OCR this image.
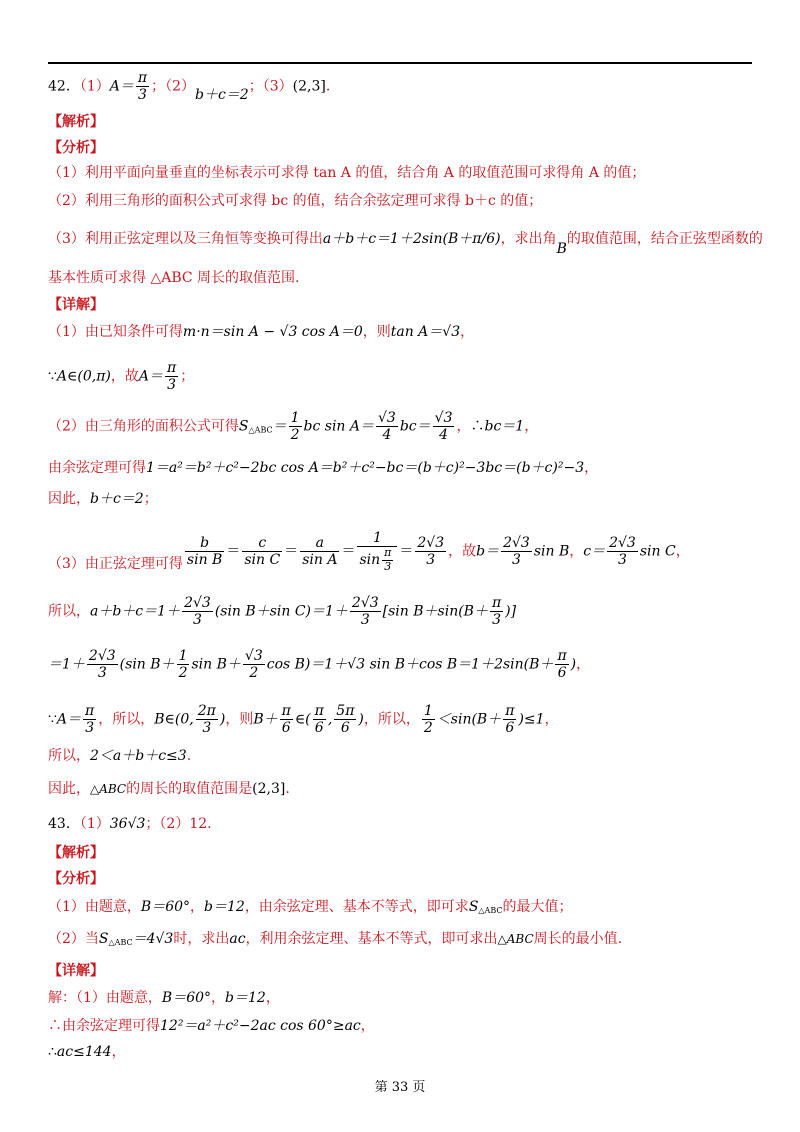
42．$(1)A= \frac{\pi}{3}$ ；（2）b＋c＝2；（3）(2,3].
【解析】
【分析】
（1）利用平面向量垂直的坐标表示可求得 tan A 的值，结合角 A 的取值范围可求得角 A 的值；
（2）利用三角形的面积公式可求得 bc 的值，结合余弦定理可求得 b＋c 的值；
（3）利用正弦定理以及三角恒等变换可得出a＋b＋c＝1＋2sin(B＋π/6)，求出角B的取值范围，结合正弦型函数的
基本性质可求得 △ABC 周长的取值范围.
【详解】
（1）由已知条件可得m·n＝sin A − √3 cos A＝0，则tan A＝√3，
∵A∈(0,π)，故$A= \frac{\pi}{3}$ ；
（2）由三角形的面积公式可得$S_{\triangle ABC}= \frac{1}{2}$ bc $\sin A= \frac{√3}{4} bc= \frac{√3}{4}$ ，∴bc＝1，
由余弦定理可得1＝a²＝b²＋c²−2bc cos A＝b²＋c²−bc＝(b＋c)²−3bc＝(b＋c)²−3，
因此，b＋c＝2；
（3）由正弦定理可得 $\frac{b}{\text{sin B}} = \frac{c}{\text{sin C}} = \frac{a}{\text{sin A}} = \frac{1}{\sin \frac{\pi}{3}} = \frac{2√3}{3}$ ，故$b= \frac{2√3}{3}$ sin B，$c= \frac{2√3}{3}$ sin C，
所以，$a+b+c=1+ \frac{2√3}{3} (\sin$ B＋sin $C)=1+ \frac{2√3}{3} [\sin$ $B+\sin(B+ \frac{\pi}{3}$ )]
$=1+ \frac{2√3}{3} (\sin$ $B+ \frac{1}{2}$ $\sin B+ \frac{√3}{2}$ cos B)＝1＋√3 sin B＋cos $B=1+2\sin(B+ \frac{\pi}{6}$ )，
∵A＝ $\frac{\pi}{3}$ ，所以，B∈(0, $\frac{2\pi}{3}$ )，则$B+ \frac{\pi}{6}$ ∈( $\frac{\pi}{6}$ , $\frac{5\pi}{6}$ )，所以， $\frac{1}{2} <\sin(B+ \frac{\pi}{6} )\le 1$，
所以，2＜a＋b＋c≤3.
因此，△ABC的周长的取值范围是(2,3].
43．（1）36√3；（2）12.
【解析】
【分析】
（1）由题意，B＝60°，b＝12，由余弦定理、基本不等式，即可求$S_{\triangle ABC}$的最大值；
（2）当$S_{\triangle ABC}=4√3$时，求出ac，利用余弦定理、基本不等式，即可求出△ABC周长的最小值.
【详解】
解：（1）由题意，B＝60°，b＝12，
∴由余弦定理可得12²＝a²＋c²−2ac cos 60°≥ac，
∴ac≤144，
第 33 页
